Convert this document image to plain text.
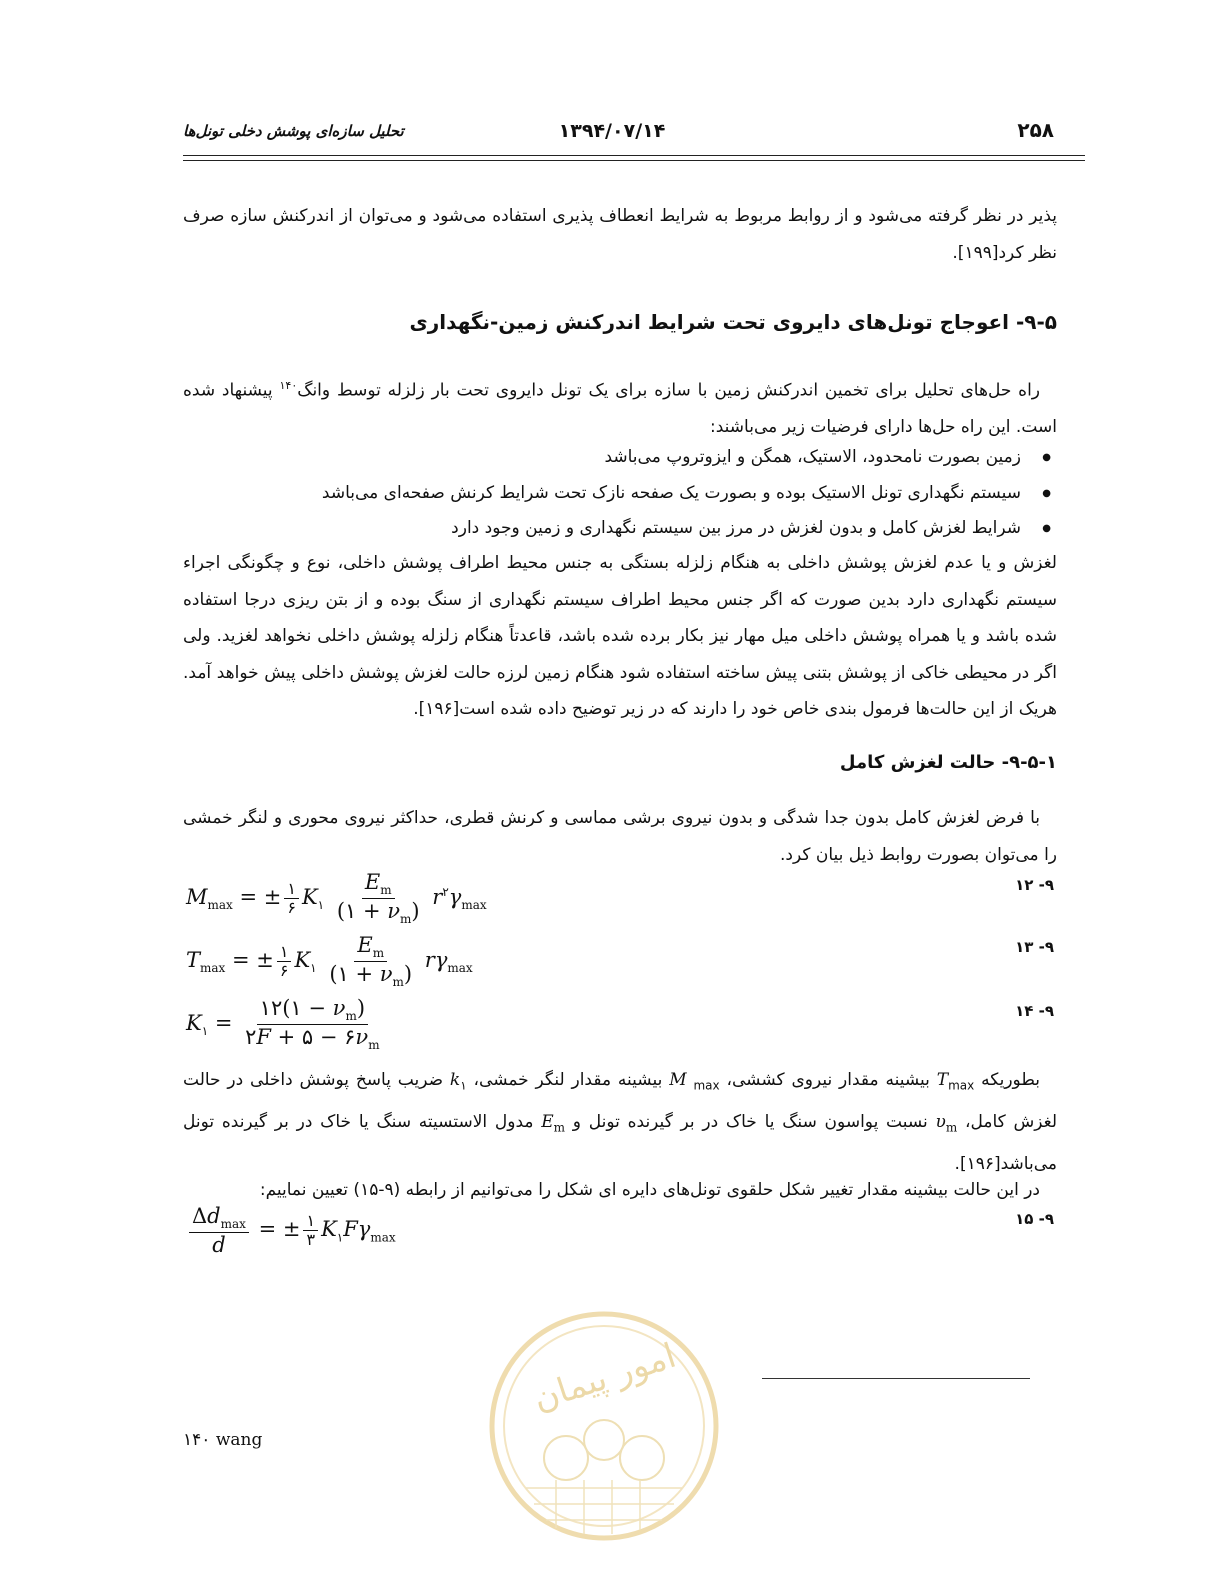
۲۵۸
۱۳۹۴/۰۷/۱۴
تحلیل سازه‌ای پوشش دخلی تونل‌ها
پذیر در نظر گرفته می‌شود و از روابط مربوط به شرایط انعطاف پذیری استفاده می‌شود و می‌توان از اندرکنش سازه صرف نظر کرد[۱۹۹].
۹-۵- اعوجاج تونل‌های دایروی تحت شرایط اندرکنش زمین-نگهداری
 راه حل‌های تحلیل برای تخمین اندرکنش زمین با سازه برای یک تونل دایروی تحت بار زلزله توسط وانگ$^{۱۴۰}$ پیشنهاد شده است. این راه حل‌ها دارای فرضیات زیر می‌باشند:
● زمین بصورت نامحدود، الاستیک، همگن و ایزوتروپ می‌باشد
● سیستم نگهداری تونل الاستیک بوده و بصورت یک صفحه نازک تحت شرایط کرنش صفحه‌ای می‌باشد
● شرایط لغزش کامل و بدون لغزش در مرز بین سیستم نگهداری و زمین وجود دارد
لغزش و یا عدم لغزش پوشش داخلی به هنگام زلزله بستگی به جنس محیط اطراف پوشش داخلی، نوع و چگونگی اجراء سیستم نگهداری دارد بدین صورت که اگر جنس محیط اطراف سیستم نگهداری از سنگ بوده و از بتن ریزی درجا استفاده شده باشد و یا همراه پوشش داخلی میل مهار نیز بکار برده شده باشد، قاعدتاً هنگام زلزله پوشش داخلی نخواهد لغزید. ولی اگر در محیطی خاکی از پوشش بتنی پیش ساخته استفاده شود هنگام زمین لرزه حالت لغزش پوشش داخلی پیش خواهد آمد. هریک از این حالت‌ها فرمول بندی خاص خود را دارند که در زیر توضیح داده شده است[۱۹۶].
۹-۵-۱- حالت لغزش کامل
 با فرض لغزش کامل بدون جدا شدگی و بدون نیروی برشی مماسی و کرنش قطری، حداکثر نیروی محوری و لنگر خمشی را می‌توان بصورت روابط ذیل بیان کرد.
۹- ۱۲
$M_{max}$ = ± $\frac{۱}{۶} K_۱ \frac{E_m}{(۱ + \nu_m)} r^۲\gamma_{max}$
۹- ۱۳
$T_{max}$ = ± $\frac{۱}{۶} K_۱ \frac{E_m}{(۱ + \nu_m)} r\gamma_{max}$
۹- ۱۴
$K_۱ = \frac{۱۲(۱ - \nu_m)}{۲F + ۵ - ۶\nu_m}$
 بطوریکه $T_{max}$ بیشینه مقدار نیروی کششی، M $_{max}$ بیشینه مقدار لنگر خمشی، $k_۱$ ضریب پاسخ پوشش داخلی در حالت لغزش کامل، $\upsilon_m$ نسبت پواسون سنگ یا خاک در بر گیرنده تونل و $E_m$ مدول الاستسیته سنگ یا خاک در بر گیرنده تونل می‌باشد[۱۹۶].
 در این حالت بیشینه مقدار تغییر شکل حلقوی تونل‌های دایره ای شکل را می‌توانیم از رابطه (۹-۱۵) تعیین نماییم:
۹- ۱۵
$\frac{\Delta d_{max}}{d}$ = ± $\frac{۱}{۳} K_۱F\gamma_{max}$
امور پیمان
۱۴۰ wang
